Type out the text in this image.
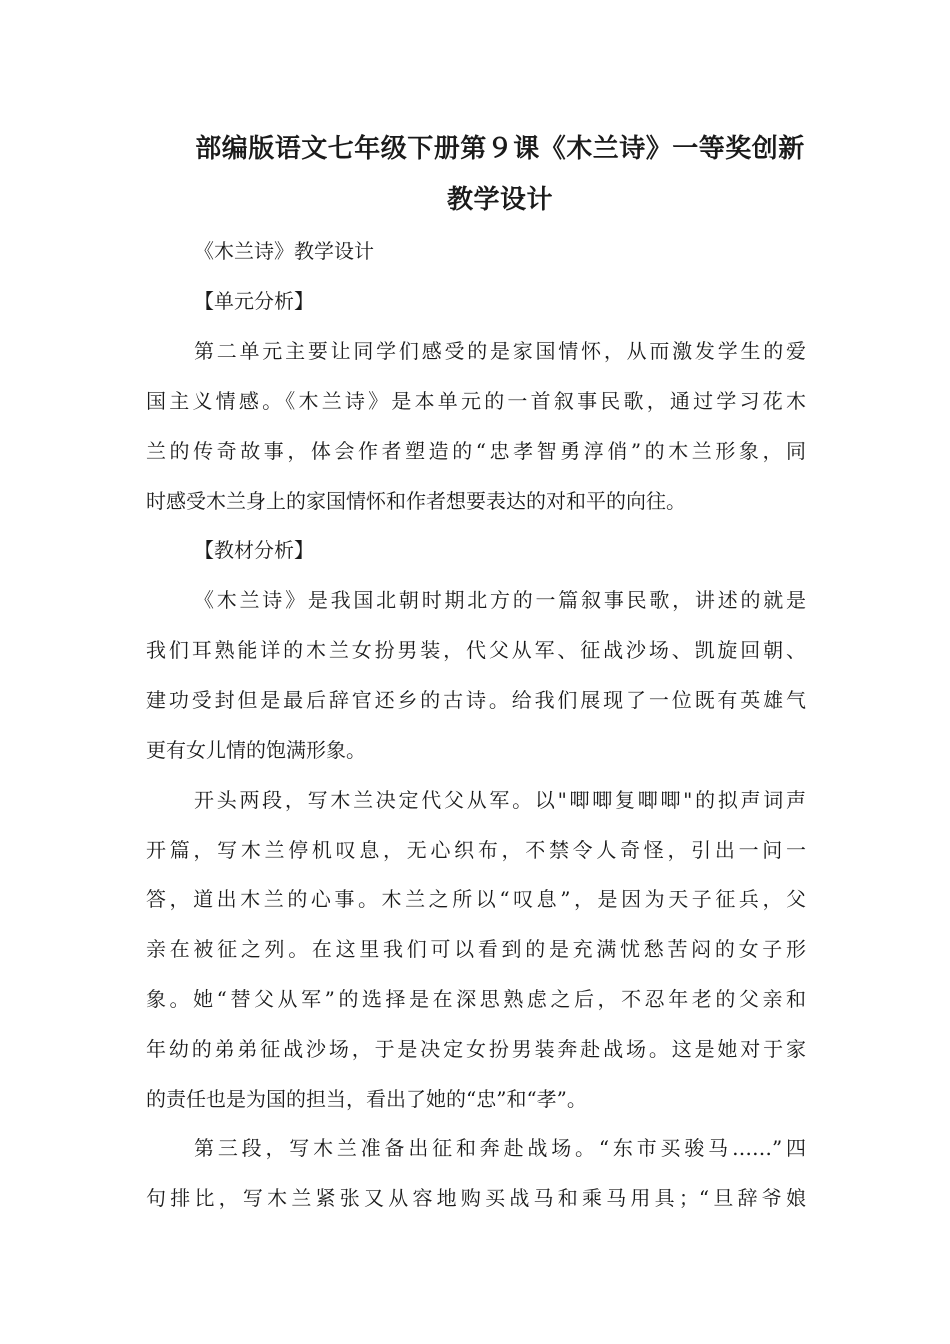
部编版语文七年级下册第９课《木兰诗》一等奖创新
教学设计

《木兰诗》教学设计

【单元分析】

第二单元主要让同学们感受的是家国情怀，从而激发学生的爱

国主义情感。《木兰诗》是本单元的一首叙事民歌，通过学习花木

兰的传奇故事，体会作者塑造的“忠孝智勇淳俏”的木兰形象，同

时感受木兰身上的家国情怀和作者想要表达的对和平的向往。

【教材分析】

《木兰诗》是我国北朝时期北方的一篇叙事民歌，讲述的就是

我们耳熟能详的木兰女扮男装，代父从军、征战沙场、凯旋回朝、

建功受封但是最后辞官还乡的古诗。给我们展现了一位既有英雄气

更有女儿情的饱满形象。

开头两段，写木兰决定代父从军。以"唧唧复唧唧"的拟声词声

开篇，写木兰停机叹息，无心织布，不禁令人奇怪，引出一问一

答，道出木兰的心事。木兰之所以“叹息”，是因为天子征兵，父

亲在被征之列。在这里我们可以看到的是充满忧愁苦闷的女子形

象。她“替父从军”的选择是在深思熟虑之后，不忍年老的父亲和

年幼的弟弟征战沙场，于是决定女扮男装奔赴战场。这是她对于家

的责任也是为国的担当，看出了她的“忠”和“孝”。

第三段，写木兰准备出征和奔赴战场。“东市买骏马……”四

句排比，写木兰紧张又从容地购买战马和乘马用具；“旦辞爷娘
